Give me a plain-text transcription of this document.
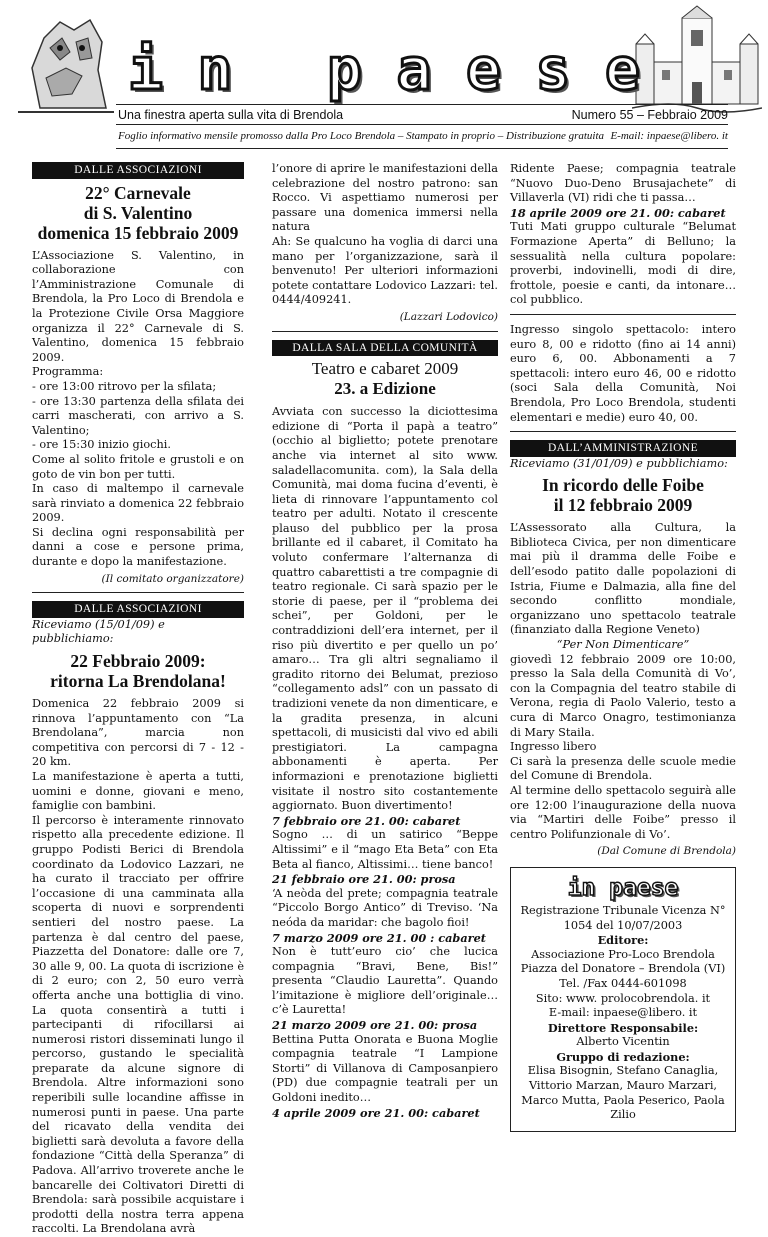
i n p a e s e
Una finestra aperta sulla vita di Brendola	Numero 55 – Febbraio 2009
Foglio informativo mensile promosso dalla Pro Loco Brendola – Stampato in proprio – Distribuzione gratuita E-mail: inpaese@libero. it
DALLE ASSOCIAZIONI
22° Carnevale
di S. Valentino
domenica 15 febbraio 2009

L’Associazione S. Valentino, in collaborazione con l’Amministrazione Comunale di Brendola, la Pro Loco di Brendola e la Protezione Civile Orsa Maggiore organizza il 22° Carnevale di S. Valentino, domenica 15 febbraio 2009.

Programma:

- ore 13:00 ritrovo per la sfilata;

- ore 13:30 partenza della sfilata dei carri mascherati, con arrivo a S. Valentino;

- ore 15:30 inizio giochi.

Come al solito fritole e grustoli e on goto de vin bon per tutti.

In caso di maltempo il carnevale sarà rinviato a domenica 22 febbraio 2009.

Si declina ogni responsabilità per danni a cose e persone prima, durante e dopo la manifestazione.

(Il comitato organizzatore)

DALLE ASSOCIAZIONI
Riceviamo (15/01/09) e pubblichiamo:
22 Febbraio 2009:
ritorna La Brendolana!

Domenica 22 febbraio 2009 si rinnova l’appuntamento con “La Brendolana”, marcia non competitiva con percorsi di 7 - 12 - 20 km.

La manifestazione è aperta a tutti, uomini e donne, giovani e meno, famiglie con bambini.

Il percorso è interamente rinnovato rispetto alla precedente edizione. Il gruppo Podisti Berici di Brendola coordinato da Lodovico Lazzari, ne ha curato il tracciato per offrire l’occasione di una camminata alla scoperta di nuovi e sorprendenti sentieri del nostro paese. La partenza è dal centro del paese, Piazzetta del Donatore: dalle ore 7, 30 alle 9, 00. La quota di iscrizione è di 2 euro; con 2, 50 euro verrà offerta anche una bottiglia di vino. La quota consentirà a tutti i partecipanti di rifocillarsi ai numerosi ristori disseminati lungo il percorso, gustando le specialità preparate da alcune signore di Brendola. Altre informazioni sono reperibili sulle locandine affisse in numerosi punti in paese. Una parte del ricavato della vendita dei biglietti sarà devoluta a favore della fondazione “Città della Speranza” di Padova. All’arrivo troverete anche le bancarelle dei Coltivatori Diretti di Brendola: sarà possibile acquistare i prodotti della nostra terra appena raccolti. La Brendolana avrà

l’onore di aprire le manifestazioni della celebrazione del nostro patrono: san Rocco. Vi aspettiamo numerosi per passare una domenica immersi nella natura

Ah: Se qualcuno ha voglia di darci una mano per l’organizzazione, sarà il benvenuto! Per ulteriori informazioni potete contattare Lodovico Lazzari: tel. 0444/409241.

(Lazzari Lodovico)

DALLA SALA DELLA COMUNITÀ
Teatro e cabaret 2009
23. a Edizione

Avviata con successo la diciottesima edizione di “Porta il papà a teatro” (occhio al biglietto; potete prenotare anche via internet al sito www. saladellacomunita. com), la Sala della Comunità, mai doma fucina d’eventi, è lieta di rinnovare l’appuntamento col teatro per adulti. Notato il crescente plauso del pubblico per la prosa brillante ed il cabaret, il Comitato ha voluto confermare l’alternanza di quattro cabarettisti a tre compagnie di teatro regionale. Ci sarà spazio per le storie di paese, per il “problema dei schei”, per Goldoni, per le contraddizioni dell’era internet, per il riso più divertito e per quello un po’ amaro… Tra gli altri segnaliamo il gradito ritorno dei Belumat, prezioso “collegamento adsl” con un passato di tradizioni venete da non dimenticare, e la gradita presenza, in alcuni spettacoli, di musicisti dal vivo ed abili prestigiatori. La campagna abbonamenti è aperta. Per informazioni e prenotazione biglietti visitate il nostro sito costantemente aggiornato. Buon divertimento!

7 febbraio ore 21. 00: cabaret

Sogno … di un satirico “Beppe Altissimi” e il “mago Eta Beta” con Eta Beta al fianco, Altissimi… tiene banco!

21 febbraio ore 21. 00: prosa

‘A neòda del prete; compagnia teatrale “Piccolo Borgo Antico” di Treviso. ‘Na neóda da maridar: che bagolo fioi!

7 marzo 2009 ore 21. 00 : cabaret

Non è tutt’euro cio’ che lucica compagnia “Bravi, Bene, Bis!” presenta “Claudio Lauretta”. Quando l’imitazione è migliore dell’originale… c’è Lauretta!

21 marzo 2009 ore 21. 00: prosa

Bettina Putta Onorata e Buona Moglie compagnia teatrale “I Lampione Storti” di Villanova di Camposanpiero (PD) due compagnie teatrali per un Goldoni inedito…

4 aprile 2009 ore 21. 00: cabaret

Ridente Paese; compagnia teatrale “Nuovo Duo-Deno Brusajachete” di Villaverla (VI) ridi che ti passa…

18 aprile 2009 ore 21. 00: cabaret

Tuti Mati gruppo culturale “Belumat Formazione Aperta” di Belluno; la sessualità nella cultura popolare: proverbi, indovinelli, modi di dire, frottole, poesie e canti, da intonare… col pubblico.

Ingresso singolo spettacolo: intero euro 8, 00 e ridotto (fino ai 14 anni) euro 6, 00. Abbonamenti a 7 spettacoli: intero euro 46, 00 e ridotto (soci Sala della Comunità, Noi Brendola, Pro Loco Brendola, studenti elementari e medie) euro 40, 00.

DALL’AMMINISTRAZIONE
Riceviamo (31/01/09) e pubblichiamo:
In ricordo delle Foibe
il 12 febbraio 2009

L’Assessorato alla Cultura, la Biblioteca Civica, per non dimenticare mai più il dramma delle Foibe e dell’esodo patito dalle popolazioni di Istria, Fiume e Dalmazia, alla fine del secondo conflitto mondiale, organizzano uno spettacolo teatrale (finanziato dalla Regione Veneto)

“Per Non Dimenticare”

giovedì 12 febbraio 2009 ore 10:00, presso la Sala della Comunità di Vo’, con la Compagnia del teatro stabile di Verona, regia di Paolo Valerio, testo a cura di Marco Onagro, testimonianza di Mary Staila.

Ingresso libero

Ci sarà la presenza delle scuole medie del Comune di Brendola.

Al termine dello spettacolo seguirà alle ore 12:00 l’inaugurazione della nuova via “Martiri delle Foibe” presso il centro Polifunzionale di Vo’.

(Dal Comune di Brendola)

in paese

Registrazione Tribunale Vicenza N° 1054 del 10/07/2003

Editore:

Associazione Pro-Loco Brendola

Piazza del Donatore – Brendola (VI)

Tel. /Fax 0444-601098

Sito: www. prolocobrendola. it

E-mail: inpaese@libero. it

Direttore Responsabile:

Alberto Vicentin

Gruppo di redazione:

Elisa Bisognin, Stefano Canaglia, Vittorio Marzan, Mauro Marzari, Marco Mutta, Paola Peserico, Paola Zilio
